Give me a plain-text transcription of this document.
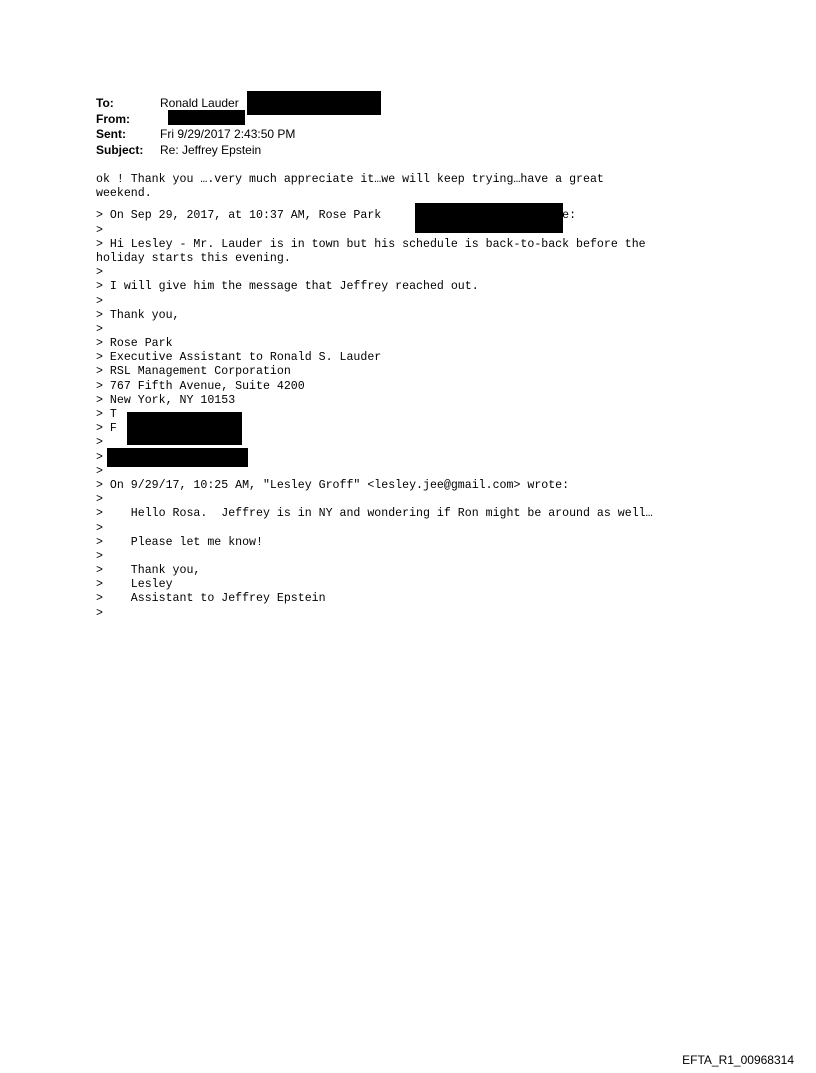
To:	Ronald Lauder
From:
Sent:	Fri 9/29/2017 2:43:50 PM
Subject:	Re: Jeffrey Epstein
ok ! Thank you ….very much appreciate it…we will keep trying…have a great
weekend.
> On Sep 29, 2017, at 10:37 AM, Rose Park                      wrote:
>
> Hi Lesley - Mr. Lauder is in town but his schedule is back-to-back before the
holiday starts this evening.
>
> I will give him the message that Jeffrey reached out.
>
> Thank you,
>
> Rose Park
> Executive Assistant to Ronald S. Lauder
> RSL Management Corporation
> 767 Fifth Avenue, Suite 4200
> New York, NY 10153
> T
> F
>
>
>
> On 9/29/17, 10:25 AM, "Lesley Groff" <lesley.jee@gmail.com> wrote:
>
>    Hello Rosa.  Jeffrey is in NY and wondering if Ron might be around as well…
>
>    Please let me know!
>
>    Thank you,
>    Lesley
>    Assistant to Jeffrey Epstein
>
EFTA_R1_00968314
